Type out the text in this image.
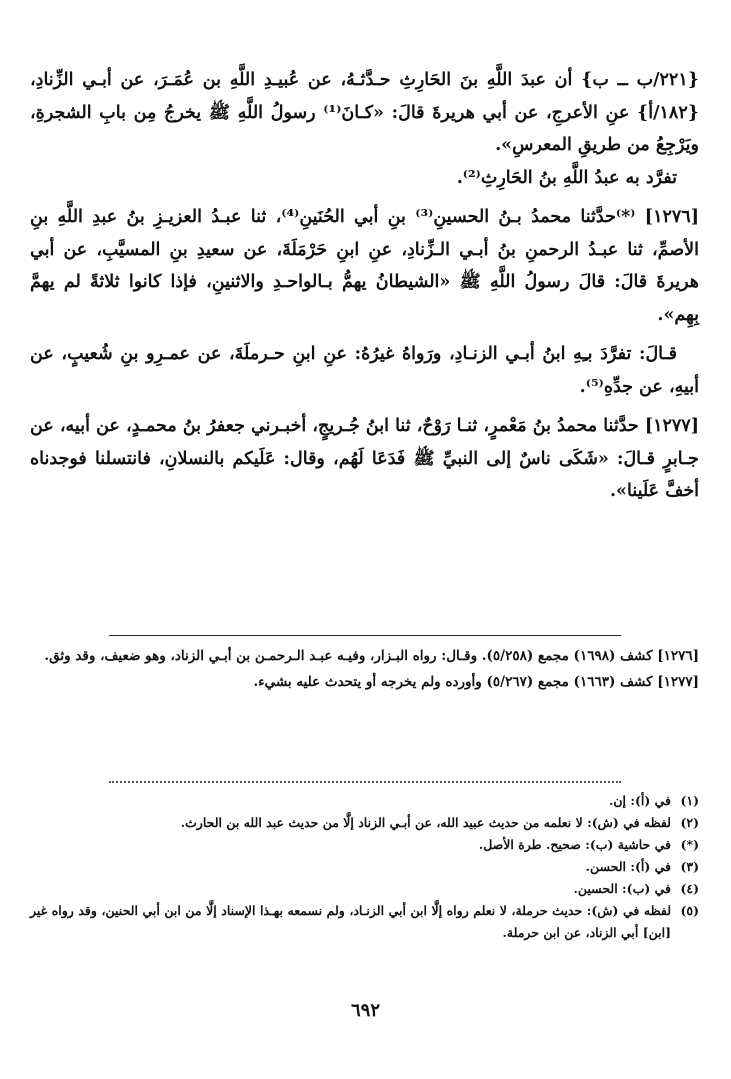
{٢٢١/ب ــ ب} أن عبدَ اللَّهِ بنَ الحَارِثِ حـدَّثـهُ، عن عُبيـدِ اللَّهِ بن عُمَـرَ، عن أبـي الزِّنادِ، {١٨٢/أ} عنِ الأعرجِ، عن أبي هريرةَ قالَ: «كـانَ⁽¹⁾ رسولُ اللَّهِ ﷺ يخرجُ مِن بابِ الشجرةِ، ويَرْجِعُ من طريقِ المعرسِ».

تفرَّد به عبدُ اللَّهِ بنُ الحَارِثِ⁽²⁾.

[١٢٧٦] ⁽*⁾حدَّثنا محمدُ بـنُ الحسينِ⁽³⁾ بنِ أبي الحُنَينِ⁽⁴⁾، ثنا عبـدُ العزيـزِ بنُ عبدِ اللَّهِ بنِ الأصمِّ، ثنا عبـدُ الرحمنِ بنُ أبـي الـزِّنادِ، عنِ ابنِ حَرْمَلَةَ، عن سعيدِ بنِ المسيَّبِ، عن أبي هريرةَ قالَ: قالَ رسولُ اللَّهِ ﷺ «الشيطانُ يهمُّ بـالواحـدِ والاثنينِ، فإذا كانوا ثلاثةً لم يهمَّ بِهِم».

قـالَ: تفرَّدَ بـِهِ ابنُ أبـي الزنـادِ، ورَواهُ غيرُهُ: عنِ ابنِ حـرملَةَ، عن عمـرِو بنِ شُعيبٍ، عن أبيهِ، عن جدِّهِ⁽⁵⁾.

[١٢٧٧] حدَّثنا محمدُ بنُ مَعْمرٍ، ثنـا رَوْحٌ، ثنا ابنُ جُـريجٍ، أخبـرني جعفرُ بنُ محمـدٍ، عن أبيه، عن جـابرٍ قـالَ: «شَكَى ناسٌ إلى النبيِّ ﷺ فَدَعَا لَهُم، وقال: عَلَيكم بالنسلانِ، فانتسلنا فوجدناه أخفَّ عَلَينا».

[١٢٧٦] كشف (١٦٩٨) مجمع (٥/٢٥٨). وقـال: رواه البـزار، وفيـه عبـد الـرحمـن بن أبـي الزناد، وهو ضعيف، وقد وثق.

[١٢٧٧] كشف (١٦٦٣) مجمع (٥/٢٦٧) وأورده ولم يخرجه أو يتحدث عليه بشيء.

(١)
في (أ): إن.
(٢)
لفظه في (ش): لا نعلمه من حديث عبيد الله، عن أبـي الزناد إلَّا من حديث عبد الله بن الحارث.
(*)
في حاشية (ب): صحيح. طرة الأصل.
(٣)
في (أ): الحسن.
(٤)
في (ب): الحسين.
(٥)
لفظه في (ش): حديث حرملة، لا نعلم رواه إلَّا ابن أبي الزنـاد، ولم نسمعه بهـذا الإسناد إلَّا من ابن أبي الحنين، وقد رواه غير [ابن] أبي الزناد، عن ابن حرملة.
٦٩٢
